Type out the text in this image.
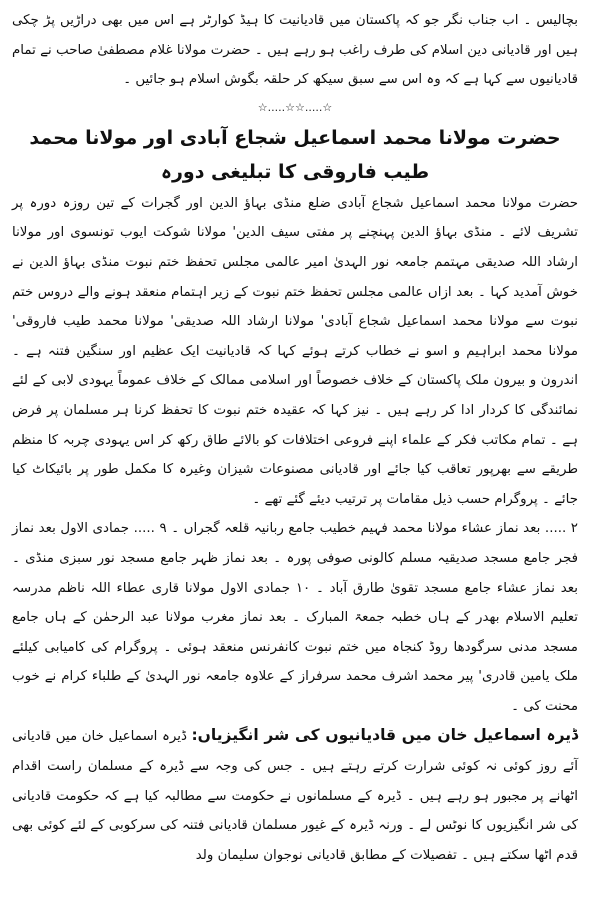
بچالیس ۔ اب جناب نگر جو کہ پاکستان میں قادیانیت کا ہیڈ کوارٹر ہے اس میں بھی دراڑیں پڑ چکی ہیں اور قادیانی دین اسلام کی طرف راغب ہو رہے ہیں ۔ حضرت مولانا غلام مصطفیٰ صاحب نے تمام قادیانیوں سے کہا ہے کہ وہ اس سے سبق سیکھ کر حلقہ بگوش اسلام ہو جائیں ۔

☆.....☆☆.....☆
حضرت مولانا محمد اسماعیل شجاع آبادی اور مولانا محمد طیب فاروقی کا تبلیغی دورہ

حضرت مولانا محمد اسماعیل شجاع آبادی ضلع منڈی بہاؤ الدین اور گجرات کے تین روزہ دورہ پر تشریف لائے ۔ منڈی بہاؤ الدین پہنچنے پر مفتی سیف الدین' مولانا شوکت ایوب تونسوی اور مولانا ارشاد اللہ صدیقی مہتمم جامعہ نور الہدیٰ امیر عالمی مجلس تحفظ ختم نبوت منڈی بہاؤ الدین نے خوش آمدید کہا ۔ بعد ازاں عالمی مجلس تحفظ ختم نبوت کے زیر اہتمام منعقد ہونے والے دروس ختم نبوت سے مولانا محمد اسماعیل شجاع آبادی' مولانا ارشاد اللہ صدیقی' مولانا محمد طیب فاروقی' مولانا محمد ابراہیم و اسو نے خطاب کرتے ہوئے کہا کہ قادیانیت ایک عظیم اور سنگین فتنہ ہے ۔ اندرون و بیرون ملک پاکستان کے خلاف خصوصاً اور اسلامی ممالک کے خلاف عموماً یہودی لابی کے لئے نمائندگی کا کردار ادا کر رہے ہیں ۔ نیز کہا کہ عقیدہ ختم نبوت کا تحفظ کرنا ہر مسلمان پر فرض ہے ۔ تمام مکاتب فکر کے علماء اپنے فروعی اختلافات کو بالائے طاق رکھ کر اس یہودی چربہ کا منظم طریقے سے بھرپور تعاقب کیا جائے اور قادیانی مصنوعات شیزان وغیرہ کا مکمل طور پر بائیکاٹ کیا جائے ۔ پروگرام حسب ذیل مقامات پر ترتیب دیئے گئے تھے ۔

۲ ..... بعد نماز عشاء مولانا محمد فہیم خطیب جامع ربانیہ قلعہ گجراں ۔ ۹ ..... جمادی الاول بعد نماز فجر جامع مسجد صدیقیہ مسلم کالونی صوفی پورہ ۔ بعد نماز ظہر جامع مسجد نور سبزی منڈی ۔ بعد نماز عشاء جامع مسجد تقویٰ طارق آباد ۔ ۱۰ جمادی الاول مولانا قاری عطاء اللہ ناظم مدرسہ تعلیم الاسلام بھدر کے ہاں خطبہ جمعۃ المبارک ۔ بعد نماز مغرب مولانا عبد الرحمٰن کے ہاں جامع مسجد مدنی سرگودھا روڈ کنجاہ میں ختم نبوت کانفرنس منعقد ہوئی ۔ پروگرام کی کامیابی کیلئے ملک یامین قادری' پیر محمد اشرف محمد سرفراز کے علاوہ جامعہ نور الہدیٰ کے طلباء کرام نے خوب محنت کی ۔

ڈیرہ اسماعیل خان میں قادیانیوں کی شر انگیزیاں: ڈیرہ اسماعیل خان میں قادیانی آئے روز کوئی نہ کوئی شرارت کرتے رہتے ہیں ۔ جس کی وجہ سے ڈیرہ کے مسلمان راست اقدام اٹھانے پر مجبور ہو رہے ہیں ۔ ڈیرہ کے مسلمانوں نے حکومت سے مطالبہ کیا ہے کہ حکومت قادیانی کی شر انگیزیوں کا نوٹس لے ۔ ورنہ ڈیرہ کے غیور مسلمان قادیانی فتنہ کی سرکوبی کے لئے کوئی بھی قدم اٹھا سکتے ہیں ۔ تفصیلات کے مطابق قادیانی نوجوان سلیمان ولد
